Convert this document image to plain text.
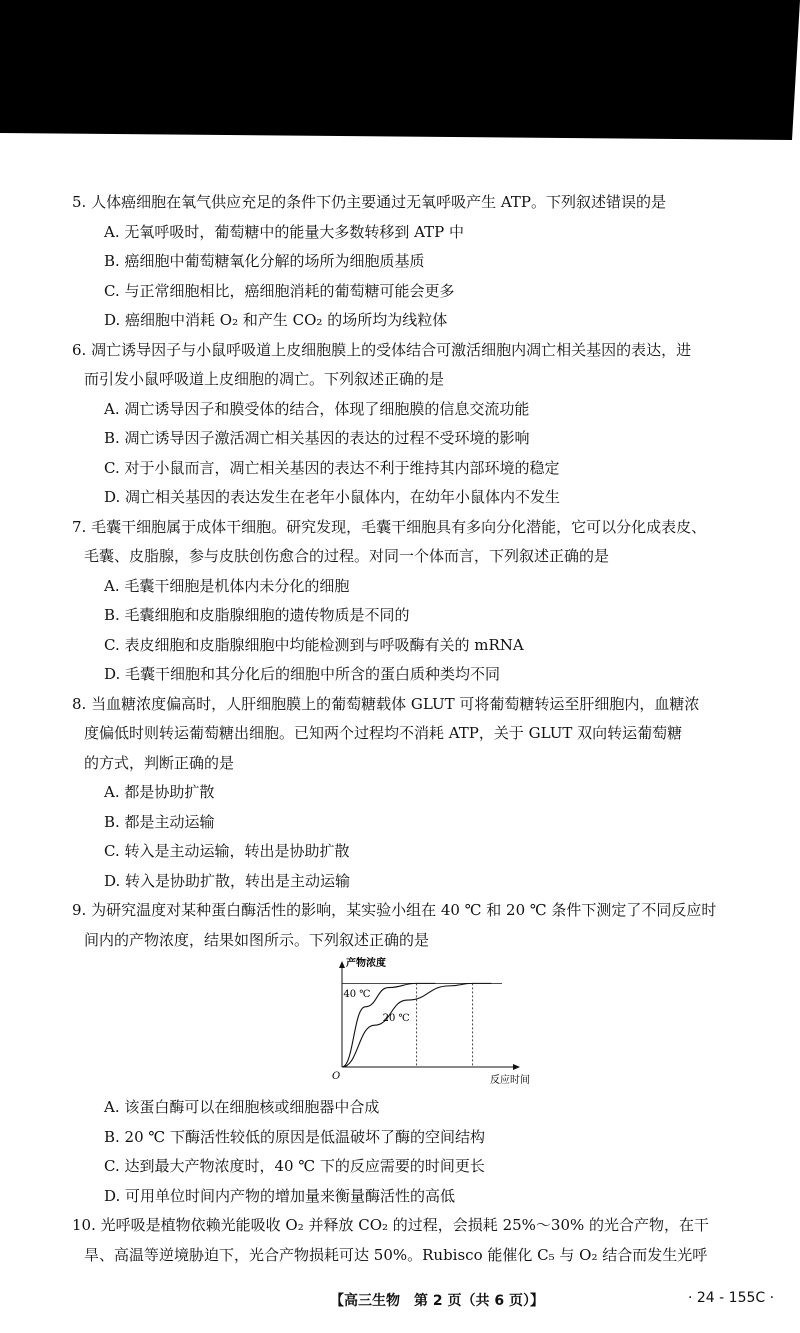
5. 人体癌细胞在氧气供应充足的条件下仍主要通过无氧呼吸产生 ATP。下列叙述错误的是
A. 无氧呼吸时，葡萄糖中的能量大多数转移到 ATP 中
B. 癌细胞中葡萄糖氧化分解的场所为细胞质基质
C. 与正常细胞相比，癌细胞消耗的葡萄糖可能会更多
D. 癌细胞中消耗 O₂ 和产生 CO₂ 的场所均为线粒体
6. 凋亡诱导因子与小鼠呼吸道上皮细胞膜上的受体结合可激活细胞内凋亡相关基因的表达，进
而引发小鼠呼吸道上皮细胞的凋亡。下列叙述正确的是
A. 凋亡诱导因子和膜受体的结合，体现了细胞膜的信息交流功能
B. 凋亡诱导因子激活凋亡相关基因的表达的过程不受环境的影响
C. 对于小鼠而言，凋亡相关基因的表达不利于维持其内部环境的稳定
D. 凋亡相关基因的表达发生在老年小鼠体内，在幼年小鼠体内不发生
7. 毛囊干细胞属于成体干细胞。研究发现，毛囊干细胞具有多向分化潜能，它可以分化成表皮、
毛囊、皮脂腺，参与皮肤创伤愈合的过程。对同一个体而言，下列叙述正确的是
A. 毛囊干细胞是机体内未分化的细胞
B. 毛囊细胞和皮脂腺细胞的遗传物质是不同的
C. 表皮细胞和皮脂腺细胞中均能检测到与呼吸酶有关的 mRNA
D. 毛囊干细胞和其分化后的细胞中所含的蛋白质种类均不同
8. 当血糖浓度偏高时，人肝细胞膜上的葡萄糖载体 GLUT 可将葡萄糖转运至肝细胞内，血糖浓
度偏低时则转运葡萄糖出细胞。已知两个过程均不消耗 ATP，关于 GLUT 双向转运葡萄糖
的方式，判断正确的是
A. 都是协助扩散
B. 都是主动运输
C. 转入是主动运输，转出是协助扩散
D. 转入是协助扩散，转出是主动运输
9. 为研究温度对某种蛋白酶活性的影响，某实验小组在 40 ℃ 和 20 ℃ 条件下测定了不同反应时
间内的产物浓度，结果如图所示。下列叙述正确的是
产物浓度
反应时间
O
40 ℃
20 ℃
A. 该蛋白酶可以在细胞核或细胞器中合成
B. 20 ℃ 下酶活性较低的原因是低温破坏了酶的空间结构
C. 达到最大产物浓度时，40 ℃ 下的反应需要的时间更长
D. 可用单位时间内产物的增加量来衡量酶活性的高低
10. 光呼吸是植物依赖光能吸收 O₂ 并释放 CO₂ 的过程，会损耗 25%～30% 的光合产物，在干
旱、高温等逆境胁迫下，光合产物损耗可达 50%。Rubisco 能催化 C₅ 与 O₂ 结合而发生光呼
【高三生物　第 2 页（共 6 页）】	· 24 - 155C ·
